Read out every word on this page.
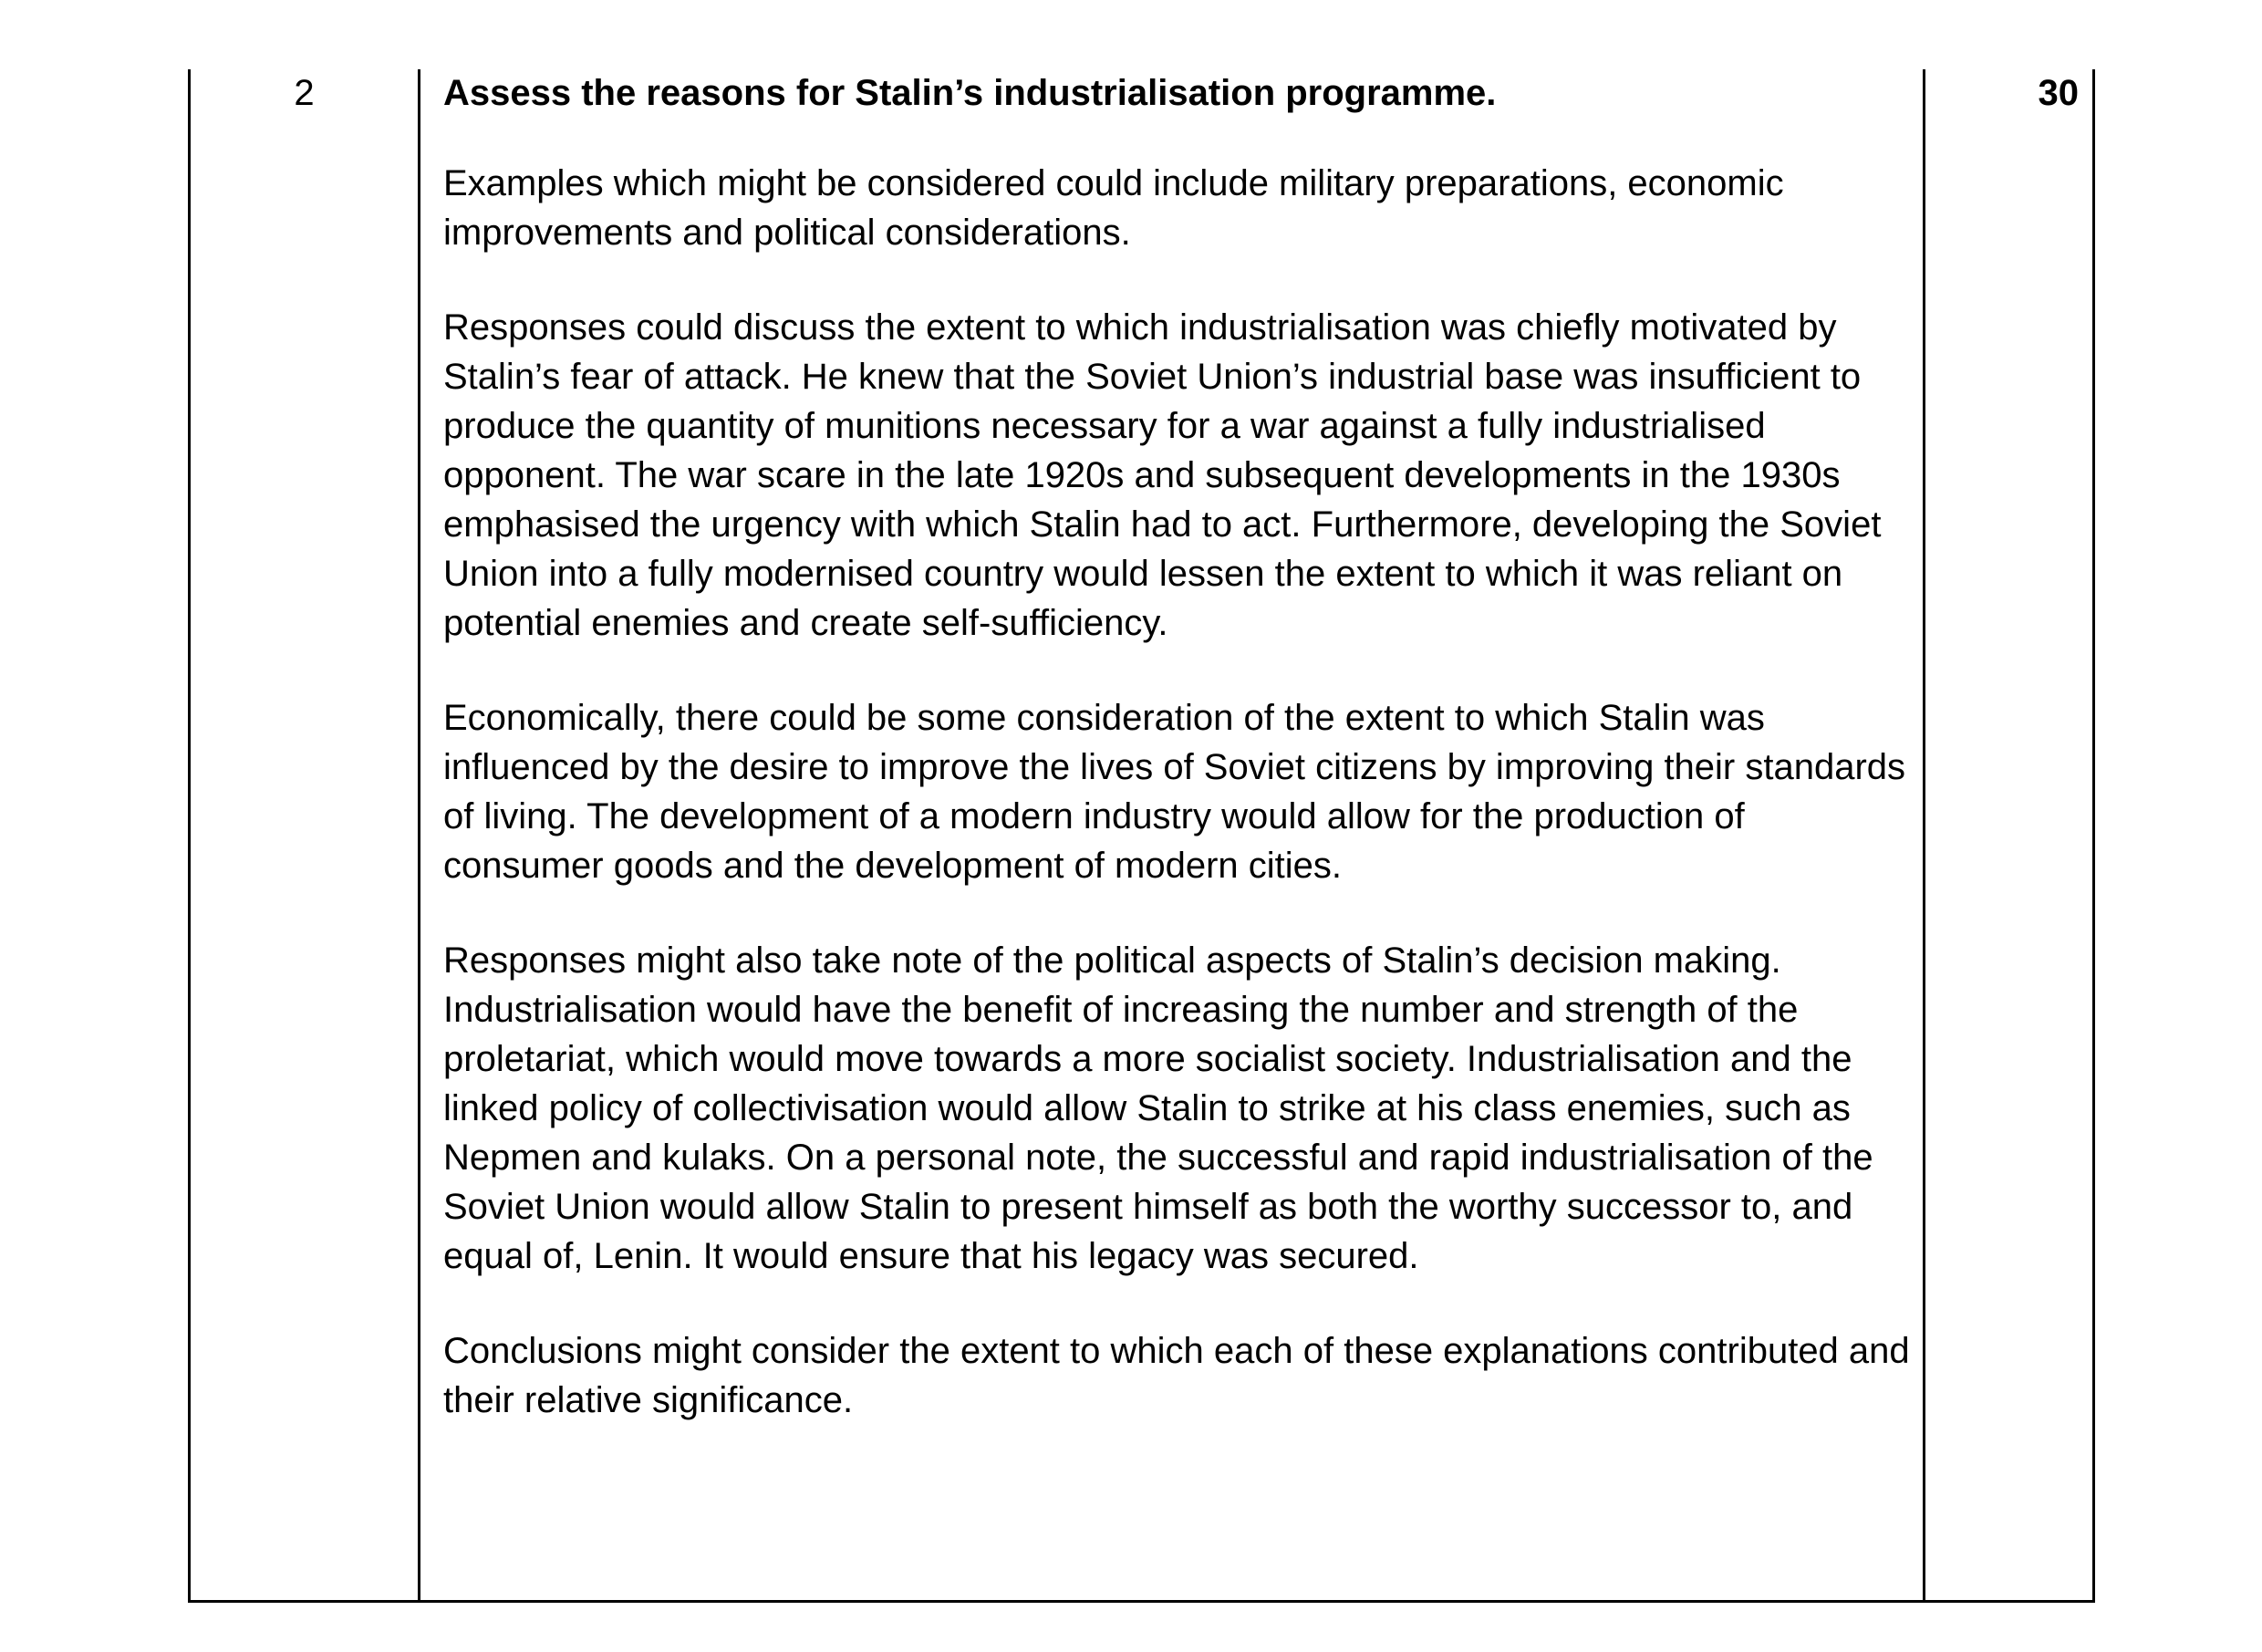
2	Assess the reasons for Stalin’s industrialisation programme.

Examples which might be considered could include military preparations, economic improvements and political considerations.

Responses could discuss the extent to which industrialisation was chiefly motivated by Stalin’s fear of attack. He knew that the Soviet Union’s industrial base was insufficient to produce the quantity of munitions necessary for a war against a fully industrialised opponent. The war scare in the late 1920s and subsequent developments in the 1930s emphasised the urgency with which Stalin had to act. Furthermore, developing the Soviet Union into a fully modernised country would lessen the extent to which it was reliant on potential enemies and create self-sufficiency.

Economically, there could be some consideration of the extent to which Stalin was influenced by the desire to improve the lives of Soviet citizens by improving their standards of living. The development of a modern industry would allow for the production of consumer goods and the development of modern cities.

Responses might also take note of the political aspects of Stalin’s decision making. Industrialisation would have the benefit of increasing the number and strength of the proletariat, which would move towards a more socialist society. Industrialisation and the linked policy of collectivisation would allow Stalin to strike at his class enemies, such as Nepmen and kulaks. On a personal note, the successful and rapid industrialisation of the Soviet Union would allow Stalin to present himself as both the worthy successor to, and equal of, Lenin. It would ensure that his legacy was secured.

Conclusions might consider the extent to which each of these explanations contributed and their relative significance.

30
